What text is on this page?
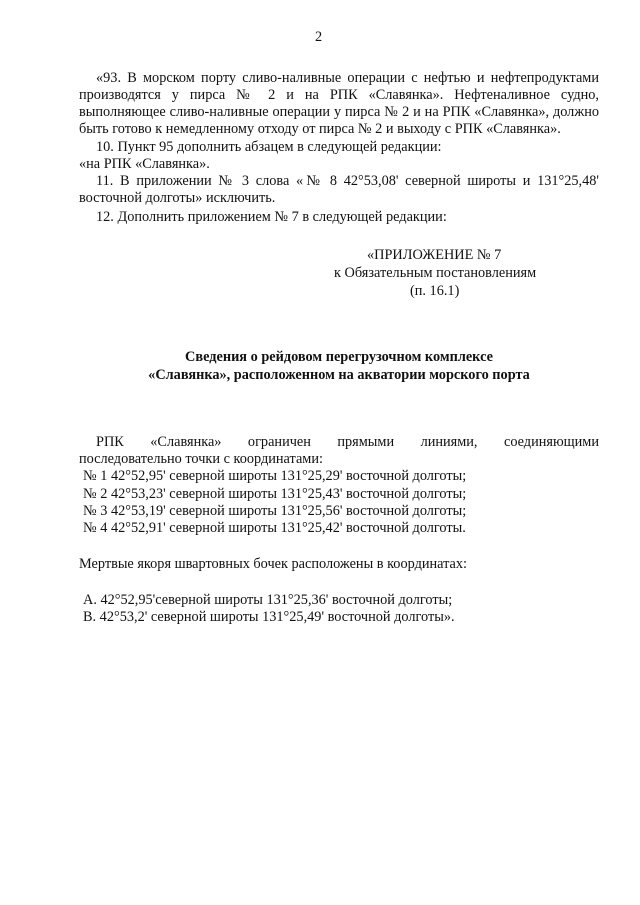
2
«93. В морском порту сливо-наливные операции с нефтью и нефтепродуктами
производятся у пирса № 2 и на РПК «Славянка». Нефтеналивное судно,
выполняющее сливо-наливные операции у пирса № 2 и на РПК «Славянка», должно
быть готово к немедленному отходу от пирса № 2 и выходу с РПК «Славянка».
10. Пункт 95 дополнить абзацем в следующей редакции:
«на РПК «Славянка».
11. В приложении № 3 слова «№ 8 42°53,08' северной широты и 131°25,48'
восточной долготы» исключить.
12. Дополнить приложением № 7 в следующей редакции:
«ПРИЛОЖЕНИЕ № 7
к Обязательным постановлениям
(п. 16.1)
Сведения о рейдовом перегрузочном комплексе
«Славянка», расположенном на акватории морского порта
РПК «Славянка» ограничен прямыми линиями, соединяющими
последовательно точки с координатами:
№ 1 42°52,95' северной широты 131°25,29' восточной долготы;
№ 2 42°53,23' северной широты 131°25,43' восточной долготы;
№ 3 42°53,19' северной широты 131°25,56' восточной долготы;
№ 4 42°52,91' северной широты 131°25,42' восточной долготы.
Мертвые якоря швартовных бочек расположены в координатах:
А. 42°52,95'северной широты 131°25,36' восточной долготы;
В. 42°53,2' северной широты 131°25,49' восточной долготы».
